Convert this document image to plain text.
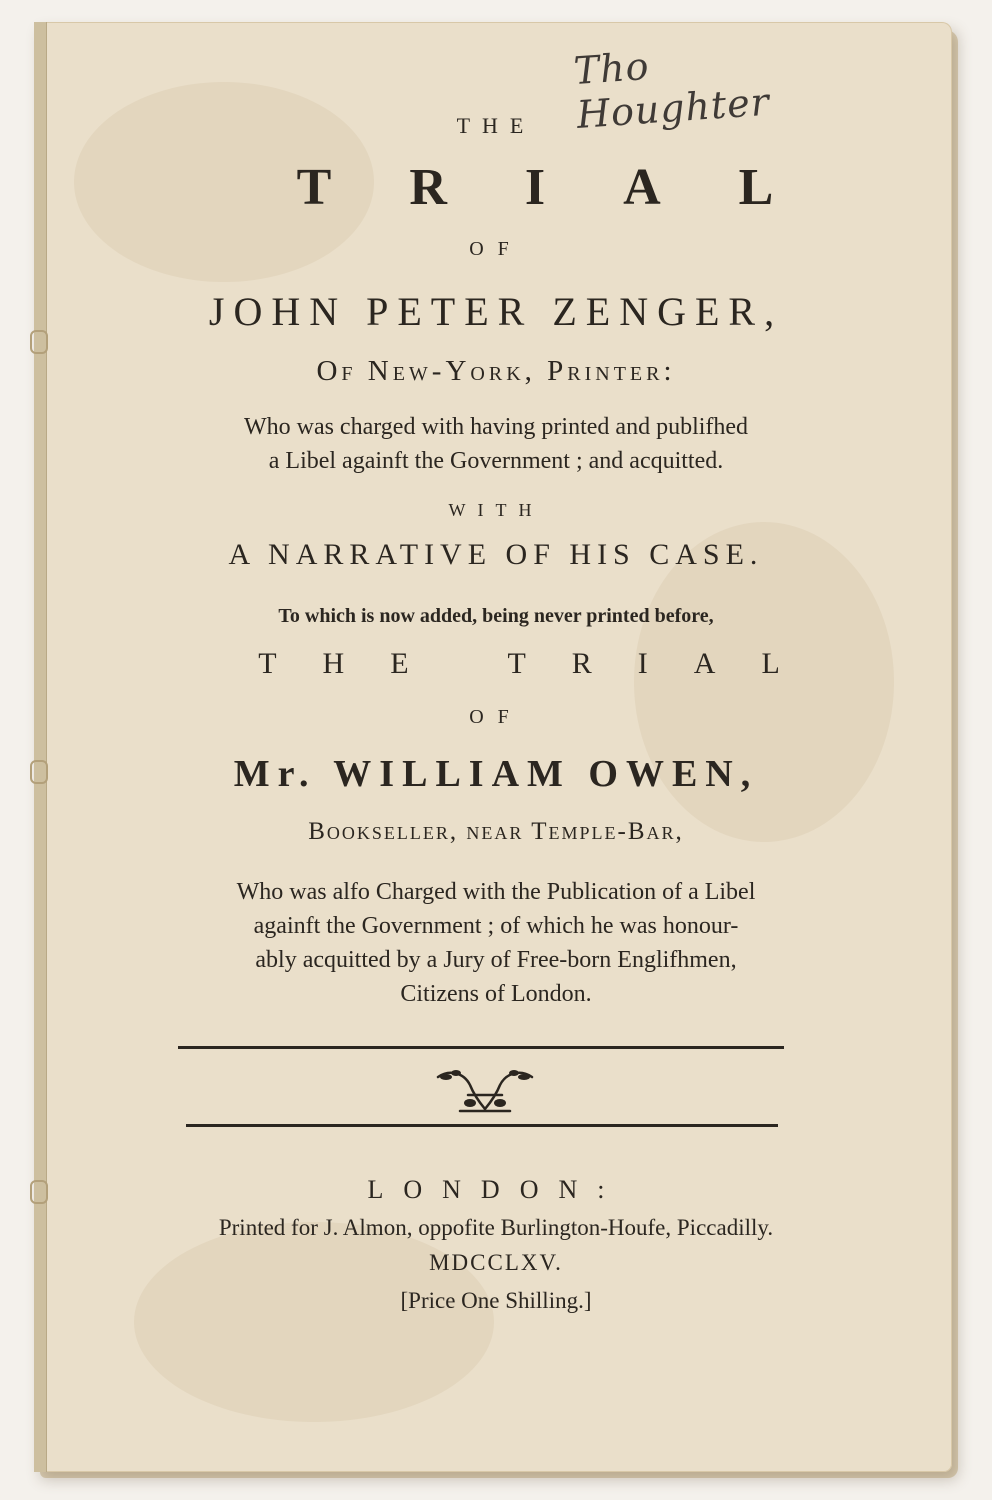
Tho Houghter
THE
TRIAL
OF
JOHN PETER ZENGER,
Of New-York, Printer:
Who was charged with having printed and publifhed
a Libel againft the Government ; and acquitted.
WITH
A NARRATIVE OF HIS CASE.
To which is now added, being never printed before,
THE TRIAL
OF
Mr. WILLIAM OWEN,
Bookseller, near Temple-Bar,
Who was alfo Charged with the Publication of a Libel
againft the Government ; of which he was honour-
ably acquitted by a Jury of Free-born Englifhmen,
Citizens of London.
LONDON:
Printed for J. Almon, oppofite Burlington-Houfe, Piccadilly.
MDCCLXV.
[Price One Shilling.]
